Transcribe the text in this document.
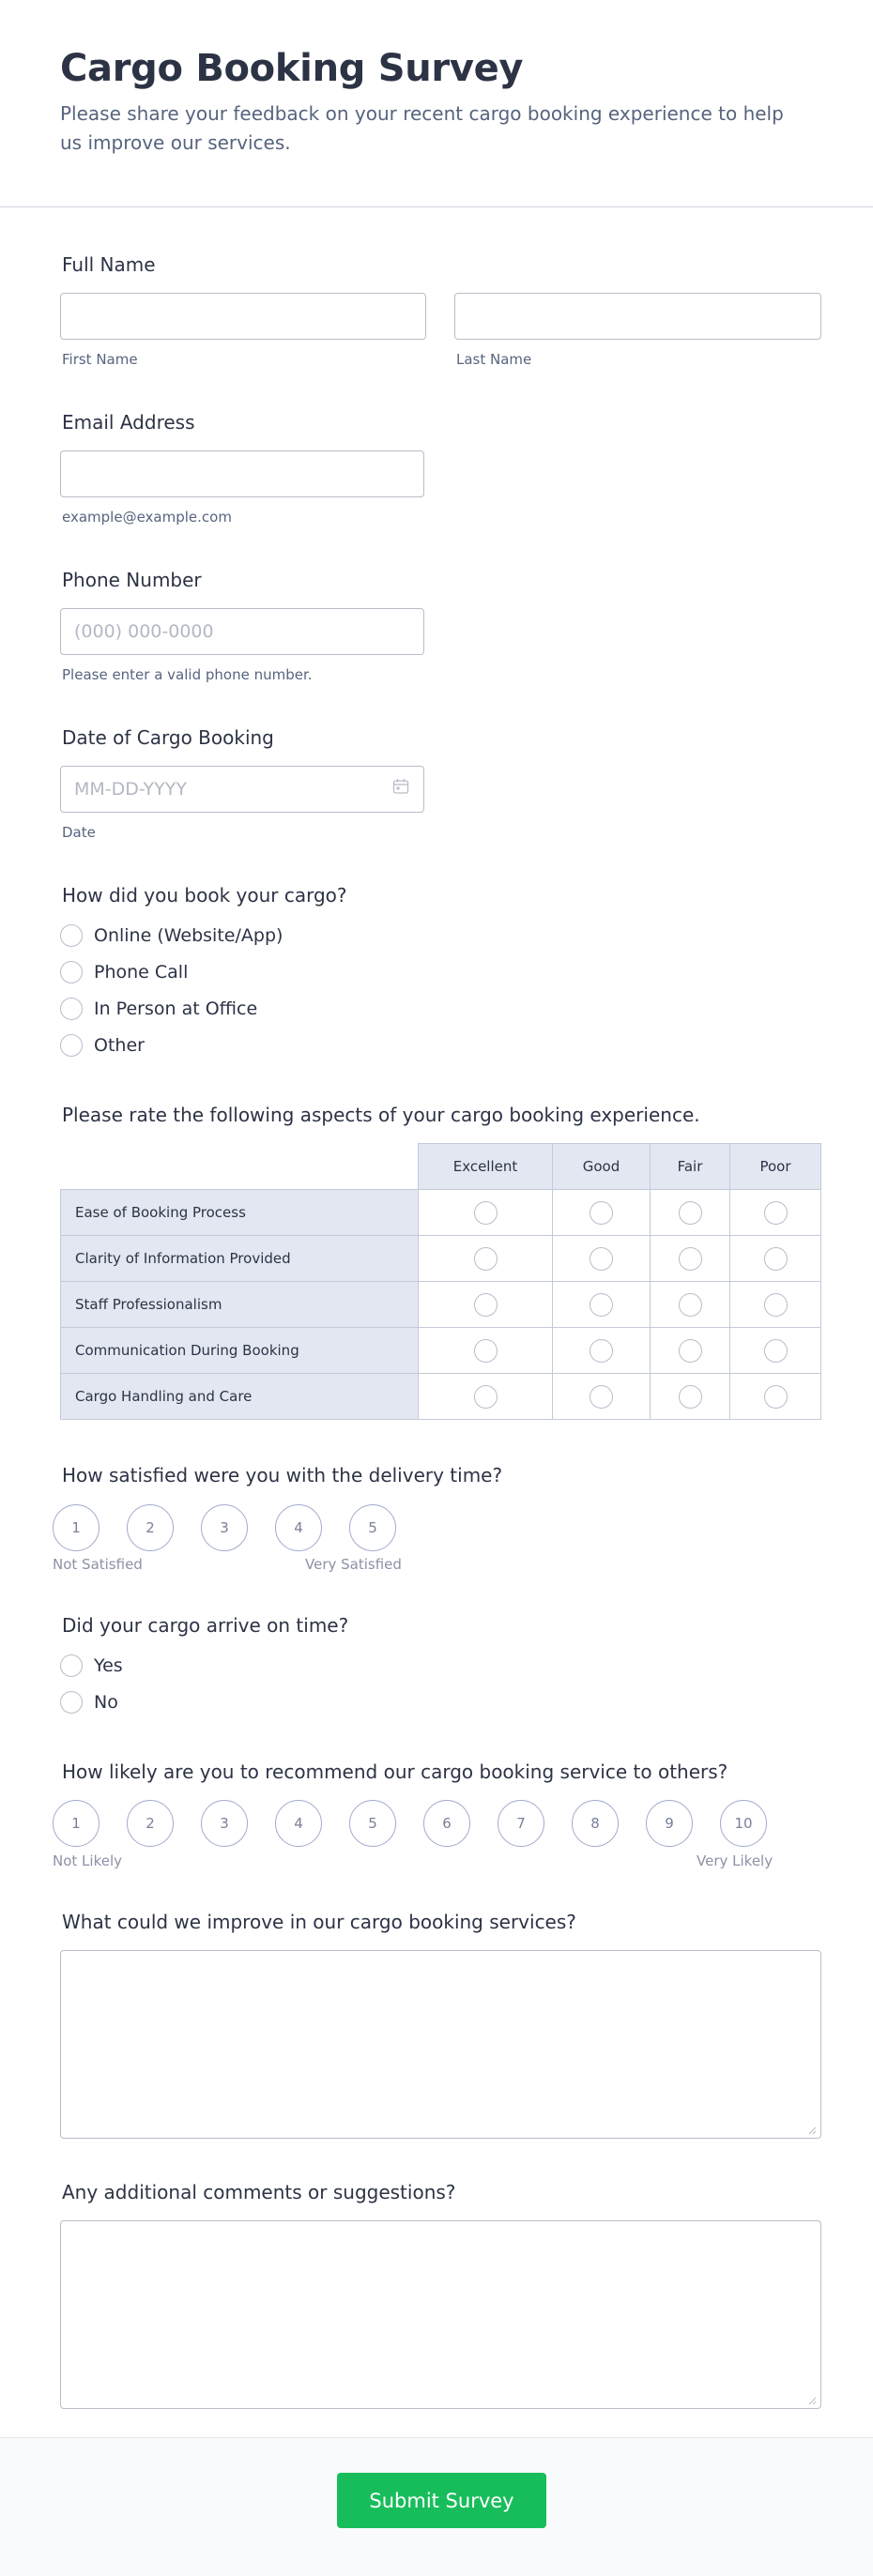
Cargo Booking Survey
Please share your feedback on your recent cargo booking experience to help us improve our services.
Full Name
First Name	Last Name
Email Address
example@example.com
Phone Number
(000) 000-0000
Please enter a valid phone number.
Date of Cargo Booking
MM-DD-YYYY
Date
How did you book your cargo?
Online (Website/App)
Phone Call
In Person at Office
Other
Please rate the following aspects of your cargo booking experience.
Excellent	Good	Fair	Poor
Ease of Booking Process
Clarity of Information Provided
Staff Professionalism
Communication During Booking
Cargo Handling and Care
How satisfied were you with the delivery time?
1	2	3	4	5
Not Satisfied	Very Satisfied
Did your cargo arrive on time?
Yes
No
How likely are you to recommend our cargo booking service to others?
1	2	3	4	5	6	7	8	9	10
Not Likely	Very Likely
What could we improve in our cargo booking services?
Any additional comments or suggestions?
Submit Survey
